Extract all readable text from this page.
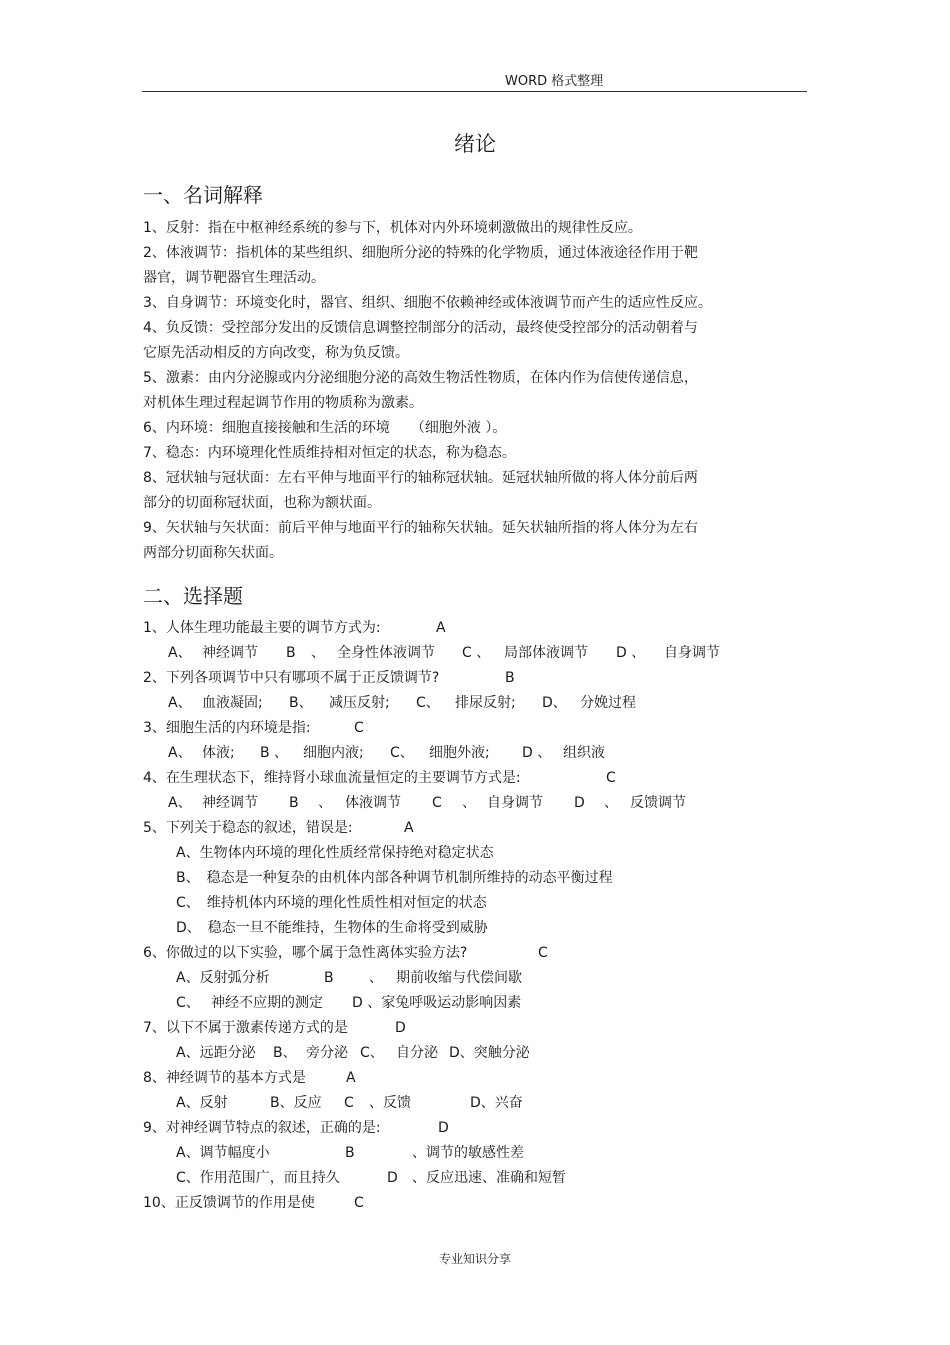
WORD 格式整理
绪论
一、名词解释
1、反射：指在中枢神经系统的参与下，机体对内外环境刺激做出的规律性反应。
2、体液调节：指机体的某些组织、细胞所分泌的特殊的化学物质，通过体液途径作用于靶
器官，调节靶器官生理活动。
3、自身调节：环境变化时，器官、组织、细胞不依赖神经或体液调节而产生的适应性反应。
4、负反馈：受控部分发出的反馈信息调整控制部分的活动，最终使受控部分的活动朝着与
它原先活动相反的方向改变，称为负反馈。
5、激素：由内分泌腺或内分泌细胞分泌的高效生物活性物质，在体内作为信使传递信息，
对机体生理过程起调节作用的物质称为激素。
6、内环境：细胞直接接触和生活的环境　　（细胞外液 ）。
7、稳态：内环境理化性质维持相对恒定的状态，称为稳态。
8、冠状轴与冠状面：左右平伸与地面平行的轴称冠状轴。延冠状轴所做的将人体分前后两
部分的切面称冠状面，也称为额状面。
9、矢状轴与矢状面：前后平伸与地面平行的轴称矢状轴。延矢状轴所指的将人体分为左右
两部分切面称矢状面。
二、选择题
1、人体生理功能最主要的调节方式为:	A
A、 神经调节 B 、 全身性体液调节 C 、 局部体液调节 D 、 自身调节
2、下列各项调节中只有哪项不属于正反馈调节?	B
A、 血液凝固; B、 减压反射; C、 排尿反射; D、 分娩过程
3、细胞生活的内环境是指:	C
A、 体液; B 、 细胞内液; C、 细胞外液; D 、 组织液
4、在生理状态下，维持肾小球血流量恒定的主要调节方式是:	C
A、 神经调节 B 、 体液调节 C 、 自身调节 D 、 反馈调节
5、下列关于稳态的叙述，错误是:	A
A、生物体内环境的理化性质经常保持绝对稳定状态
B、　稳态是一种复杂的由机体内部各种调节机制所维持的动态平衡过程
C、　维持机体内环境的理化性质性相对恒定的状态
D、　稳态一旦不能维持，生物体的生命将受到威胁
6、你做过的以下实验，哪个属于急性离体实验方法?	C
A、反射弧分析	B	、 期前收缩与代偿间歇
C、 神经不应期的测定 D 、家兔呼吸运动影响因素
7、以下不属于激素传递方式的是	D
A、远距分泌 B、 旁分泌 C、 自分泌 D、突触分泌
8、神经调节的基本方式是	A
A、反射	B、反应 C 、反馈	D、兴奋
9、对神经调节特点的叙述，正确的是:	D
A、调节幅度小	B	、调节的敏感性差
C、作用范围广，而且持久	D 、反应迅速、准确和短暂
10、正反馈调节的作用是使	C
专业知识分享
